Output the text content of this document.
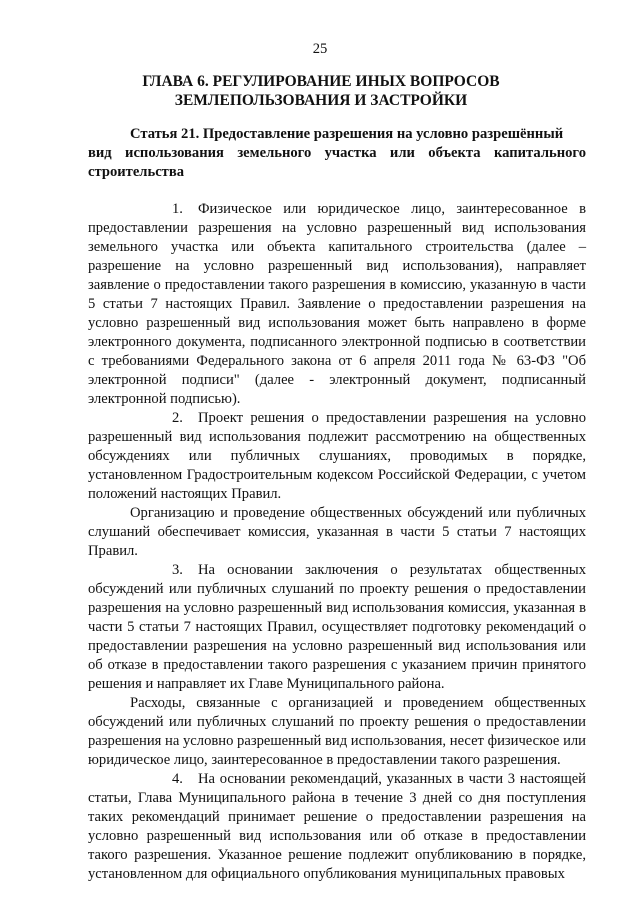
25
ГЛАВА 6. РЕГУЛИРОВАНИЕ ИНЫХ ВОПРОСОВ
ЗЕМЛЕПОЛЬЗОВАНИЯ И ЗАСТРОЙКИ
Статья 21. Предоставление разрешения на условно разрешённый
вид использования земельного участка или объекта капитального
строительства

1. Физическое или юридическое лицо, заинтересованное в предоставлении разрешения на условно разрешенный вид использования земельного участка или объекта капитального строительства (далее – разрешение на условно разрешенный вид использования), направляет заявление о предоставлении такого разрешения в комиссию, указанную в части 5 статьи 7 настоящих Правил. Заявление о предоставлении разрешения на условно разрешенный вид использования может быть направлено в форме электронного документа, подписанного электронной подписью в соответствии с требованиями Федерального закона от 6 апреля 2011 года № 63-ФЗ "Об электронной подписи" (далее - электронный документ, подписанный электронной подписью).

2. Проект решения о предоставлении разрешения на условно разрешенный вид использования подлежит рассмотрению на общественных обсуждениях или публичных слушаниях, проводимых в порядке, установленном Градостроительным кодексом Российской Федерации, с учетом положений настоящих Правил.

Организацию и проведение общественных обсуждений или публичных слушаний обеспечивает комиссия, указанная в части 5 статьи 7 настоящих Правил.

3. На основании заключения о результатах общественных обсуждений или публичных слушаний по проекту решения о предоставлении разрешения на условно разрешенный вид использования комиссия, указанная в части 5 статьи 7 настоящих Правил, осуществляет подготовку рекомендаций о предоставлении разрешения на условно разрешенный вид использования или об отказе в предоставлении такого разрешения с указанием причин принятого решения и направляет их Главе Муниципального района.

Расходы, связанные с организацией и проведением общественных обсуждений или публичных слушаний по проекту решения о предоставлении разрешения на условно разрешенный вид использования, несет физическое или юридическое лицо, заинтересованное в предоставлении такого разрешения.

4. На основании рекомендаций, указанных в части 3 настоящей статьи, Глава Муниципального района в течение 3 дней со дня поступления таких рекомендаций принимает решение о предоставлении разрешения на условно разрешенный вид использования или об отказе в предоставлении такого разрешения. Указанное решение подлежит опубликованию в порядке, установленном для официального опубликования муниципальных правовых
